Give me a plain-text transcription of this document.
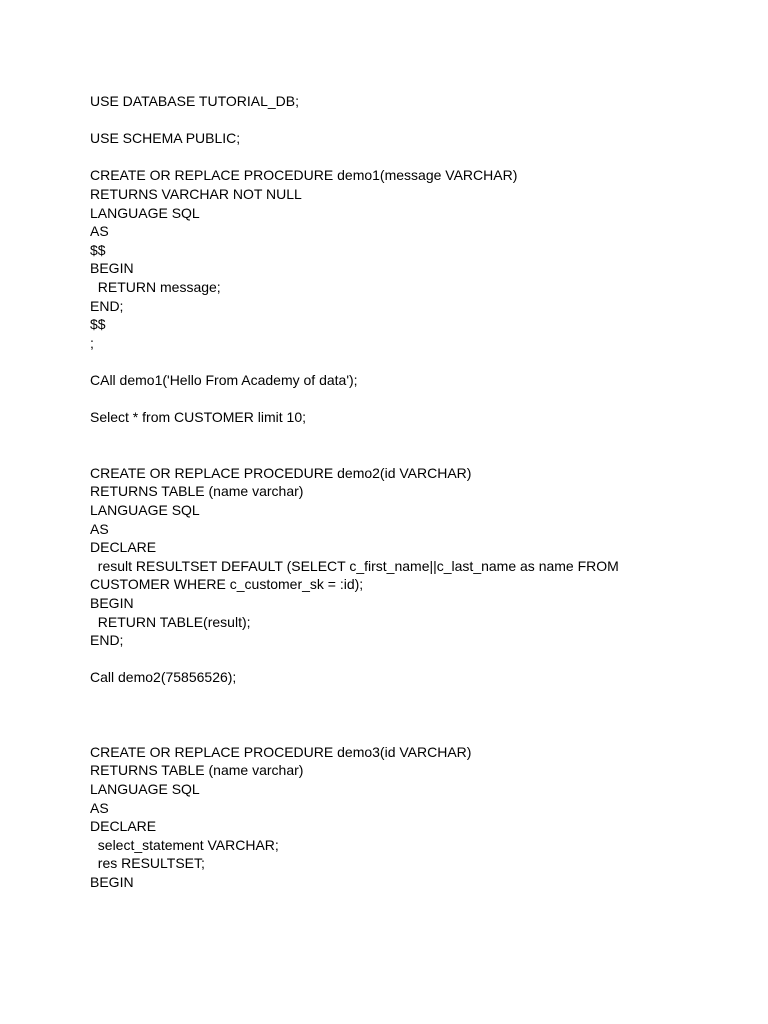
USE DATABASE TUTORIAL_DB;
USE SCHEMA PUBLIC;
CREATE OR REPLACE PROCEDURE demo1(message VARCHAR)
RETURNS VARCHAR NOT NULL
LANGUAGE SQL
AS
$$
BEGIN
RETURN message;
END;
$$
;
CAll demo1('Hello From Academy of data');
Select * from CUSTOMER limit 10;
CREATE OR REPLACE PROCEDURE demo2(id VARCHAR)
RETURNS TABLE (name varchar)
LANGUAGE SQL
AS
DECLARE
result RESULTSET DEFAULT (SELECT c_first_name||c_last_name as name FROM
CUSTOMER WHERE c_customer_sk = :id);
BEGIN
RETURN TABLE(result);
END;
Call demo2(75856526);
CREATE OR REPLACE PROCEDURE demo3(id VARCHAR)
RETURNS TABLE (name varchar)
LANGUAGE SQL
AS
DECLARE
select_statement VARCHAR;
res RESULTSET;
BEGIN
